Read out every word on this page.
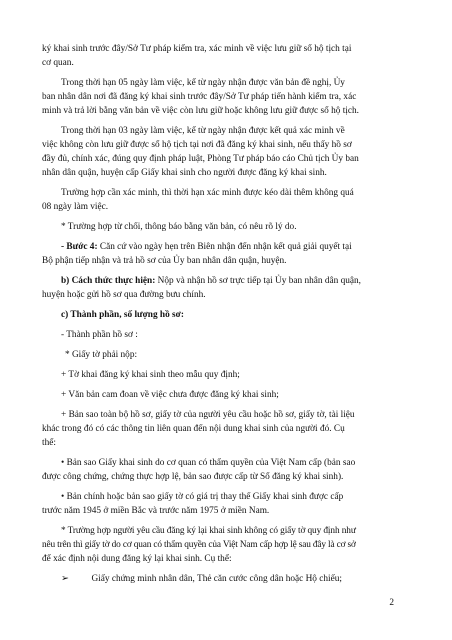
ký khai sinh trước đây/Sở Tư pháp kiểm tra, xác minh về việc lưu giữ sổ hộ tịch tại
cơ quan.
Trong thời hạn 05 ngày làm việc, kể từ ngày nhận được văn bản đề nghị, Ủy
ban nhân dân nơi đã đăng ký khai sinh trước đây/Sở Tư pháp tiến hành kiểm tra, xác
minh và trả lời bằng văn bản về việc còn lưu giữ hoặc không lưu giữ được sổ hộ tịch.
Trong thời hạn 03 ngày làm việc, kể từ ngày nhận được kết quả xác minh về
việc không còn lưu giữ được sổ hộ tịch tại nơi đã đăng ký khai sinh, nếu thấy hồ sơ
đầy đủ, chính xác, đúng quy định pháp luật, Phòng Tư pháp báo cáo Chủ tịch Ủy ban
nhân dân quận, huyện cấp Giấy khai sinh cho người được đăng ký khai sinh.
Trường hợp cần xác minh, thì thời hạn xác minh được kéo dài thêm không quá
08 ngày làm việc.
* Trường hợp từ chối, thông báo bằng văn bản, có nêu rõ lý do.
- Bước 4: Căn cứ vào ngày hẹn trên Biên nhận đến nhận kết quả giải quyết tại
Bộ phận tiếp nhận và trả hồ sơ của Ủy ban nhân dân quận, huyện.
b) Cách thức thực hiện: Nộp và nhận hồ sơ trực tiếp tại Ủy ban nhân dân quận,
huyện hoặc gửi hồ sơ qua đường bưu chính.
c) Thành phần, số lượng hồ sơ:
- Thành phần hồ sơ :
* Giấy tờ phải nộp:
+ Tờ khai đăng ký khai sinh theo mẫu quy định;
+ Văn bản cam đoan về việc chưa được đăng ký khai sinh;
+ Bản sao toàn bộ hồ sơ, giấy tờ của người yêu cầu hoặc hồ sơ, giấy tờ, tài liệu
khác trong đó có các thông tin liên quan đến nội dung khai sinh của người đó. Cụ
thể:
• Bản sao Giấy khai sinh do cơ quan có thẩm quyền của Việt Nam cấp (bản sao
được công chứng, chứng thực hợp lệ, bản sao được cấp từ Sổ đăng ký khai sinh).
• Bản chính hoặc bản sao giấy tờ có giá trị thay thế Giấy khai sinh được cấp
trước năm 1945 ở miền Bắc và trước năm 1975 ở miền Nam.
* Trường hợp người yêu cầu đăng ký lại khai sinh không có giấy tờ quy định như
nêu trên thì giấy tờ do cơ quan có thẩm quyền của Việt Nam cấp hợp lệ sau đây là cơ sở
để xác định nội dung đăng ký lại khai sinh. Cụ thể:
➢ Giấy chứng minh nhân dân, Thẻ căn cước công dân hoặc Hộ chiếu;
2
